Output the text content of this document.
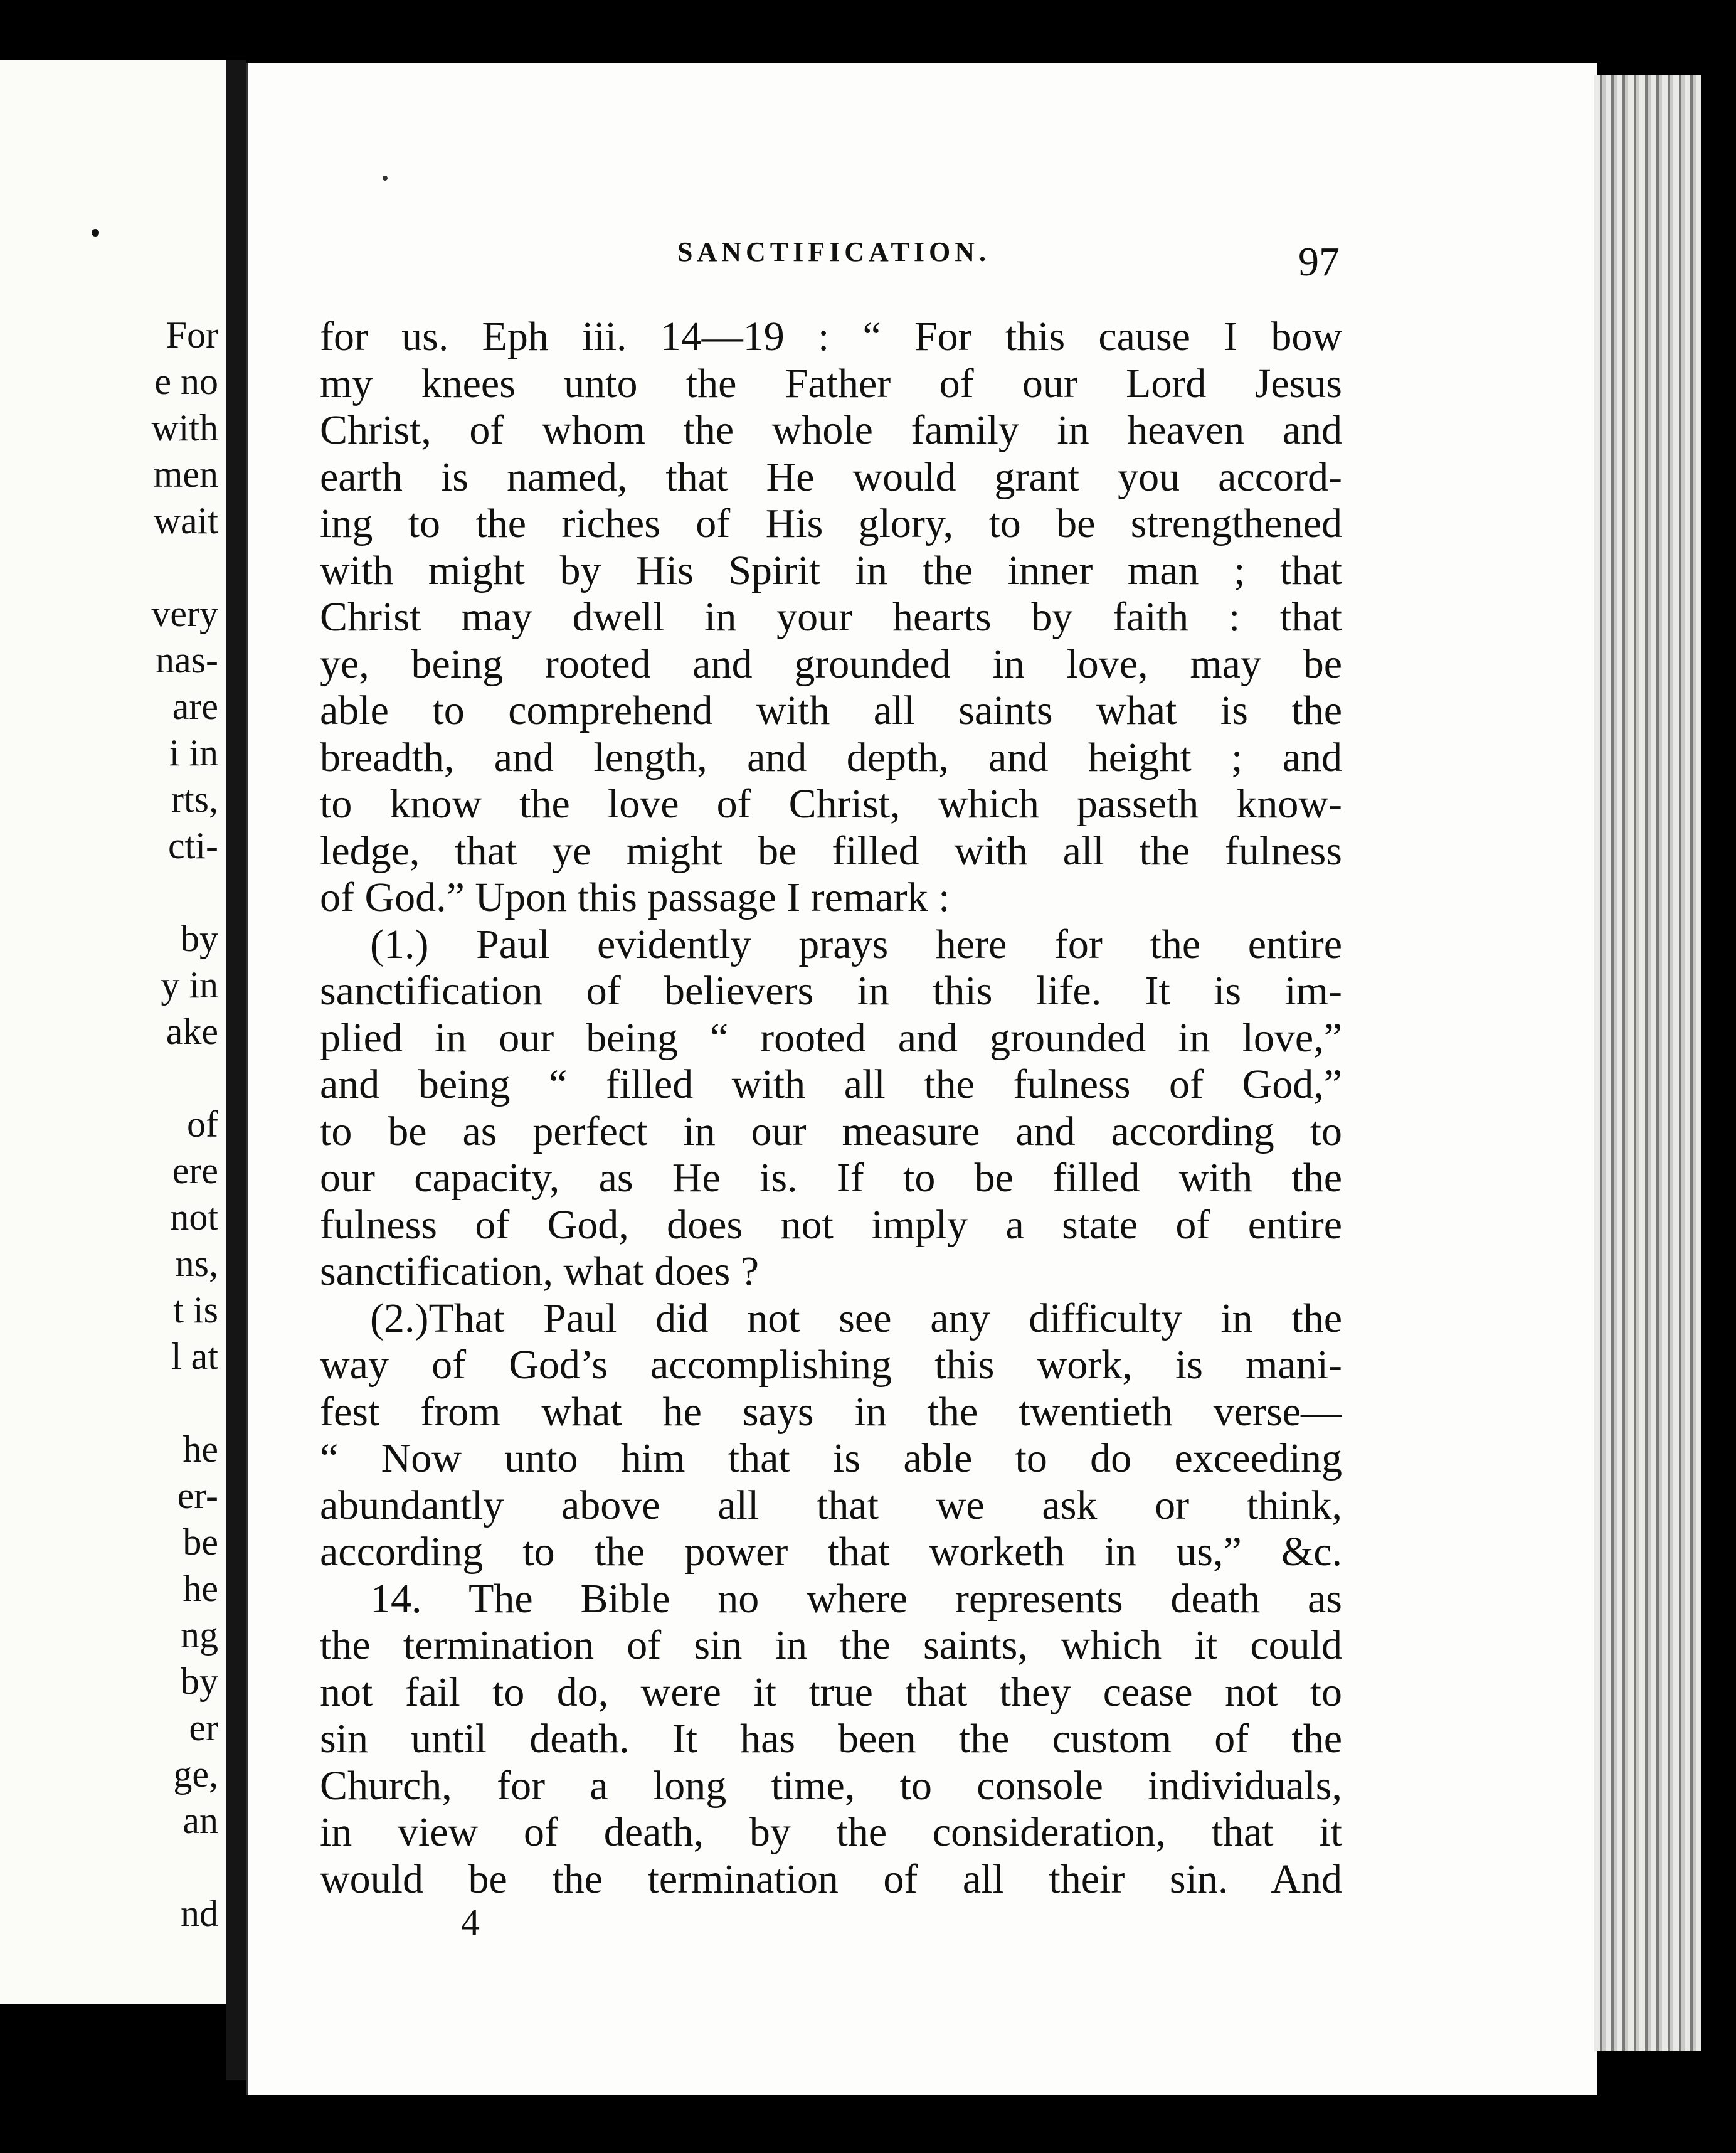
For
e no
with
men
wait
very
nas-
are
i in
rts,
cti-
by
y in
ake
of
ere
not
ns,
t is
l at
he
er-
be
he
ng
by
er
ge,
an
nd
SANCTIFICATION.	97
for us. Eph iii. 14—19 : “ For this cause I bow
my knees unto the Father of our Lord Jesus
Christ, of whom the whole family in heaven and
earth is named, that He would grant you accord-
ing to the riches of His glory, to be strengthened
with might by His Spirit in the inner man ; that
Christ may dwell in your hearts by faith : that
ye, being rooted and grounded in love, may be
able to comprehend with all saints what is the
breadth, and length, and depth, and height ; and
to know the love of Christ, which passeth know-
ledge, that ye might be filled with all the fulness
of God.” Upon this passage I remark :
(1.) Paul evidently prays here for the entire
sanctification of believers in this life. It is im-
plied in our being “ rooted and grounded in love,”
and being “ filled with all the fulness of God,”
to be as perfect in our measure and according to
our capacity, as He is. If to be filled with the
fulness of God, does not imply a state of entire
sanctification, what does ?
(2.)That Paul did not see any difficulty in the
way of God’s accomplishing this work, is mani-
fest from what he says in the twentieth verse—
“ Now unto him that is able to do exceeding
abundantly above all that we ask or think,
according to the power that worketh in us,” &c.
14. The Bible no where represents death as
the termination of sin in the saints, which it could
not fail to do, were it true that they cease not to
sin until death. It has been the custom of the
Church, for a long time, to console individuals,
in view of death, by the consideration, that it
would be the termination of all their sin. And
4
